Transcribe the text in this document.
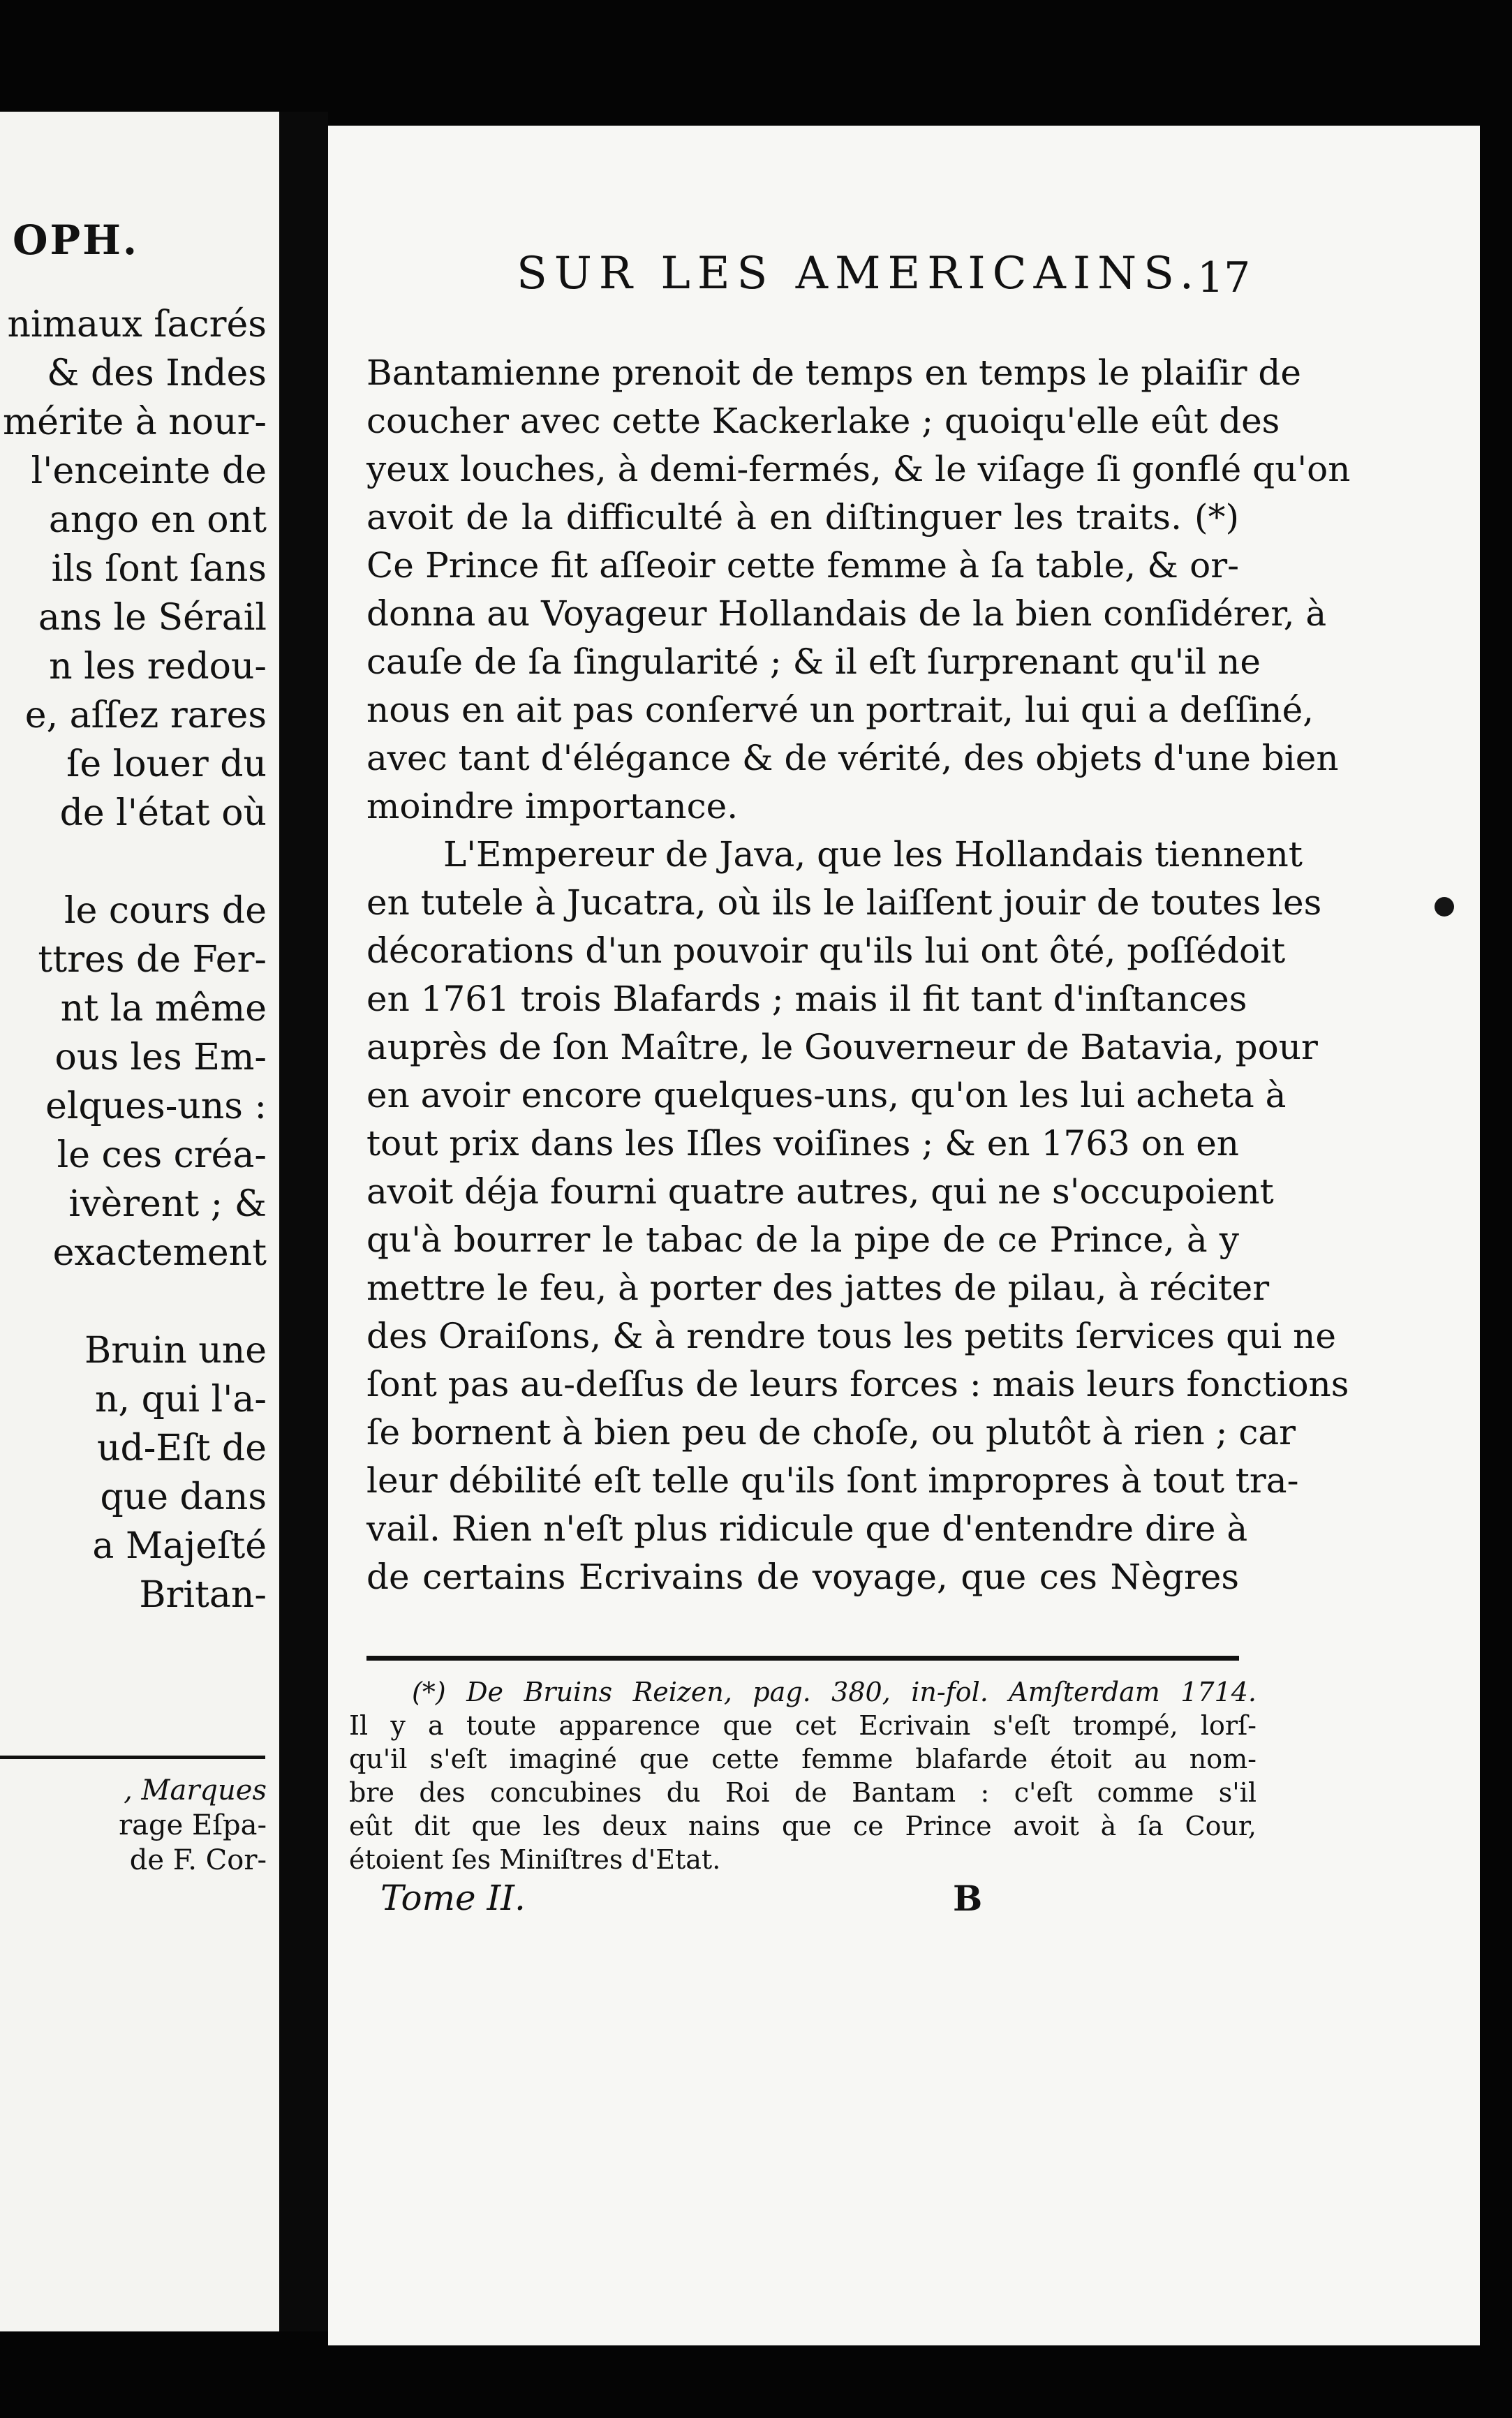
OPH.
nimaux ſacrés
& des Indes
mérite à nour-
l'enceinte de
ango en ont
ils ſont ſans
ans le Sérail
n les redou-
e, aſſez rares
ſe louer du
de l'état où
le cours de
ttres de Fer-
nt la même
ous les Em-
elques-uns :
le ces créa-
ivèrent ; &
exactement
Bruin une
n, qui l'a-
ud-Eſt de
que dans
a Majeſté
Britan-
, Marques
rage Eſpa-
de F. Cor-
SUR LES AMERICAINS.
17
Bantamienne prenoit de temps en temps le plaiſir de
coucher avec cette Kackerlake ; quoiqu'elle eût des
yeux louches, à demi-fermés, & le viſage ſi gonflé qu'on
avoit de la difficulté à en diſtinguer les traits. (*)
Ce Prince fit aſſeoir cette femme à ſa table, & or-
donna au Voyageur Hollandais de la bien conſidérer, à
cauſe de ſa ſingularité ; & il eſt ſurprenant qu'il ne
nous en ait pas conſervé un portrait, lui qui a deſſiné,
avec tant d'élégance & de vérité, des objets d'une bien
moindre importance.
L'Empereur de Java, que les Hollandais tiennent
en tutele à Jucatra, où ils le laiſſent jouir de toutes les
décorations d'un pouvoir qu'ils lui ont ôté, poſſédoit
en 1761 trois Blafards ; mais il fit tant d'inſtances
auprès de ſon Maître, le Gouverneur de Batavia, pour
en avoir encore quelques-uns, qu'on les lui acheta à
tout prix dans les Iſles voiſines ; & en 1763 on en
avoit déja fourni quatre autres, qui ne s'occupoient
qu'à bourrer le tabac de la pipe de ce Prince, à y
mettre le feu, à porter des jattes de pilau, à réciter
des Oraiſons, & à rendre tous les petits ſervices qui ne
ſont pas au-deſſus de leurs forces : mais leurs fonctions
ſe bornent à bien peu de choſe, ou plutôt à rien ; car
leur débilité eſt telle qu'ils ſont impropres à tout tra-
vail. Rien n'eſt plus ridicule que d'entendre dire à
de certains Ecrivains de voyage, que ces Nègres
(*) De Bruins Reizen, pag. 380, in-fol. Amſterdam 1714.
Il y a toute apparence que cet Ecrivain s'eſt trompé, lorſ-
qu'il s'eſt imaginé que cette femme blafarde étoit au nom-
bre des concubines du Roi de Bantam : c'eſt comme s'il
eût dit que les deux nains que ce Prince avoit à ſa Cour,
étoient ſes Miniſtres d'Etat.
Tome II.	B
